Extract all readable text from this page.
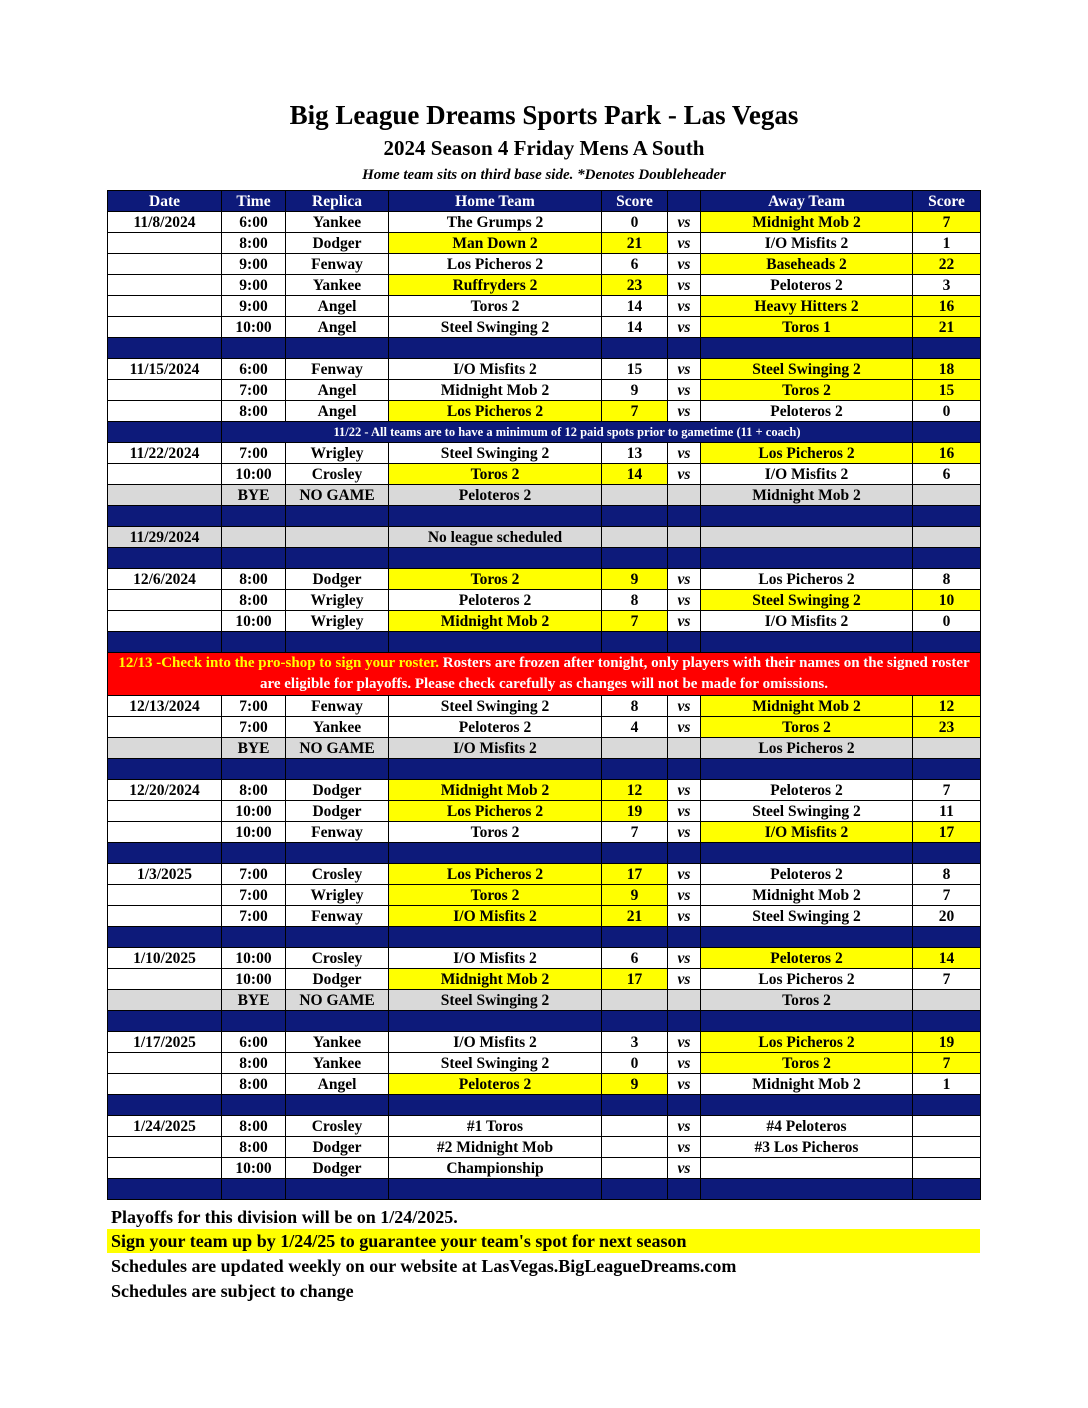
Big League Dreams Sports Park - Las Vegas
2024 Season 4 Friday Mens A South
Home team sits on third base side. *Denotes Doubleheader
Date	Time	Replica	Home Team	Score		Away Team	Score
11/8/2024	6:00	Yankee	The Grumps 2	0	vs	Midnight Mob 2	7
	8:00	Dodger	Man Down 2	21	vs	I/O Misfits 2	1
	9:00	Fenway	Los Picheros 2	6	vs	Baseheads 2	22
	9:00	Yankee	Ruffryders 2	23	vs	Peloteros 2	3
	9:00	Angel	Toros 2	14	vs	Heavy Hitters 2	16
	10:00	Angel	Steel Swinging 2	14	vs	Toros 1	21

11/15/2024	6:00	Fenway	I/O Misfits 2	15	vs	Steel Swinging 2	18
	7:00	Angel	Midnight Mob 2	9	vs	Toros 2	15
	8:00	Angel	Los Picheros 2	7	vs	Peloteros 2	0
	11/22 - All teams are to have a minimum of 12 paid spots prior to gametime (11 + coach)						
11/22/2024	7:00	Wrigley	Steel Swinging 2	13	vs	Los Picheros 2	16
	10:00	Crosley	Toros 2	14	vs	I/O Misfits 2	6
	BYE	NO GAME	Peloteros 2			Midnight Mob 2	

11/29/2024			No league scheduled				

12/6/2024	8:00	Dodger	Toros 2	9	vs	Los Picheros 2	8
	8:00	Wrigley	Peloteros 2	8	vs	Steel Swinging 2	10
	10:00	Wrigley	Midnight Mob 2	7	vs	I/O Misfits 2	0

12/13 -Check into the pro-shop to sign your roster. Rosters are frozen after tonight, only players with their names on the signed roster are eligible for playoffs. Please check carefully as changes will not be made for omissions.							
12/13/2024	7:00	Fenway	Steel Swinging 2	8	vs	Midnight Mob 2	12
	7:00	Yankee	Peloteros 2	4	vs	Toros 2	23
	BYE	NO GAME	I/O Misfits 2			Los Picheros 2	

12/20/2024	8:00	Dodger	Midnight Mob 2	12	vs	Peloteros 2	7
	10:00	Dodger	Los Picheros 2	19	vs	Steel Swinging 2	11
	10:00	Fenway	Toros 2	7	vs	I/O Misfits 2	17

1/3/2025	7:00	Crosley	Los Picheros 2	17	vs	Peloteros 2	8
	7:00	Wrigley	Toros 2	9	vs	Midnight Mob 2	7
	7:00	Fenway	I/O Misfits 2	21	vs	Steel Swinging 2	20

1/10/2025	10:00	Crosley	I/O Misfits 2	6	vs	Peloteros 2	14
	10:00	Dodger	Midnight Mob 2	17	vs	Los Picheros 2	7
	BYE	NO GAME	Steel Swinging 2			Toros 2	

1/17/2025	6:00	Yankee	I/O Misfits 2	3	vs	Los Picheros 2	19
	8:00	Yankee	Steel Swinging 2	0	vs	Toros 2	7
	8:00	Angel	Peloteros 2	9	vs	Midnight Mob 2	1

1/24/2025	8:00	Crosley	#1 Toros		vs	#4 Peloteros	
	8:00	Dodger	#2 Midnight Mob		vs	#3 Los Picheros	
	10:00	Dodger	Championship		vs		

Playoffs for this division will be on 1/24/2025.
Sign your team up by 1/24/25 to guarantee your team's spot for next season
Schedules are updated weekly on our website at LasVegas.BigLeagueDreams.com
Schedules are subject to change
